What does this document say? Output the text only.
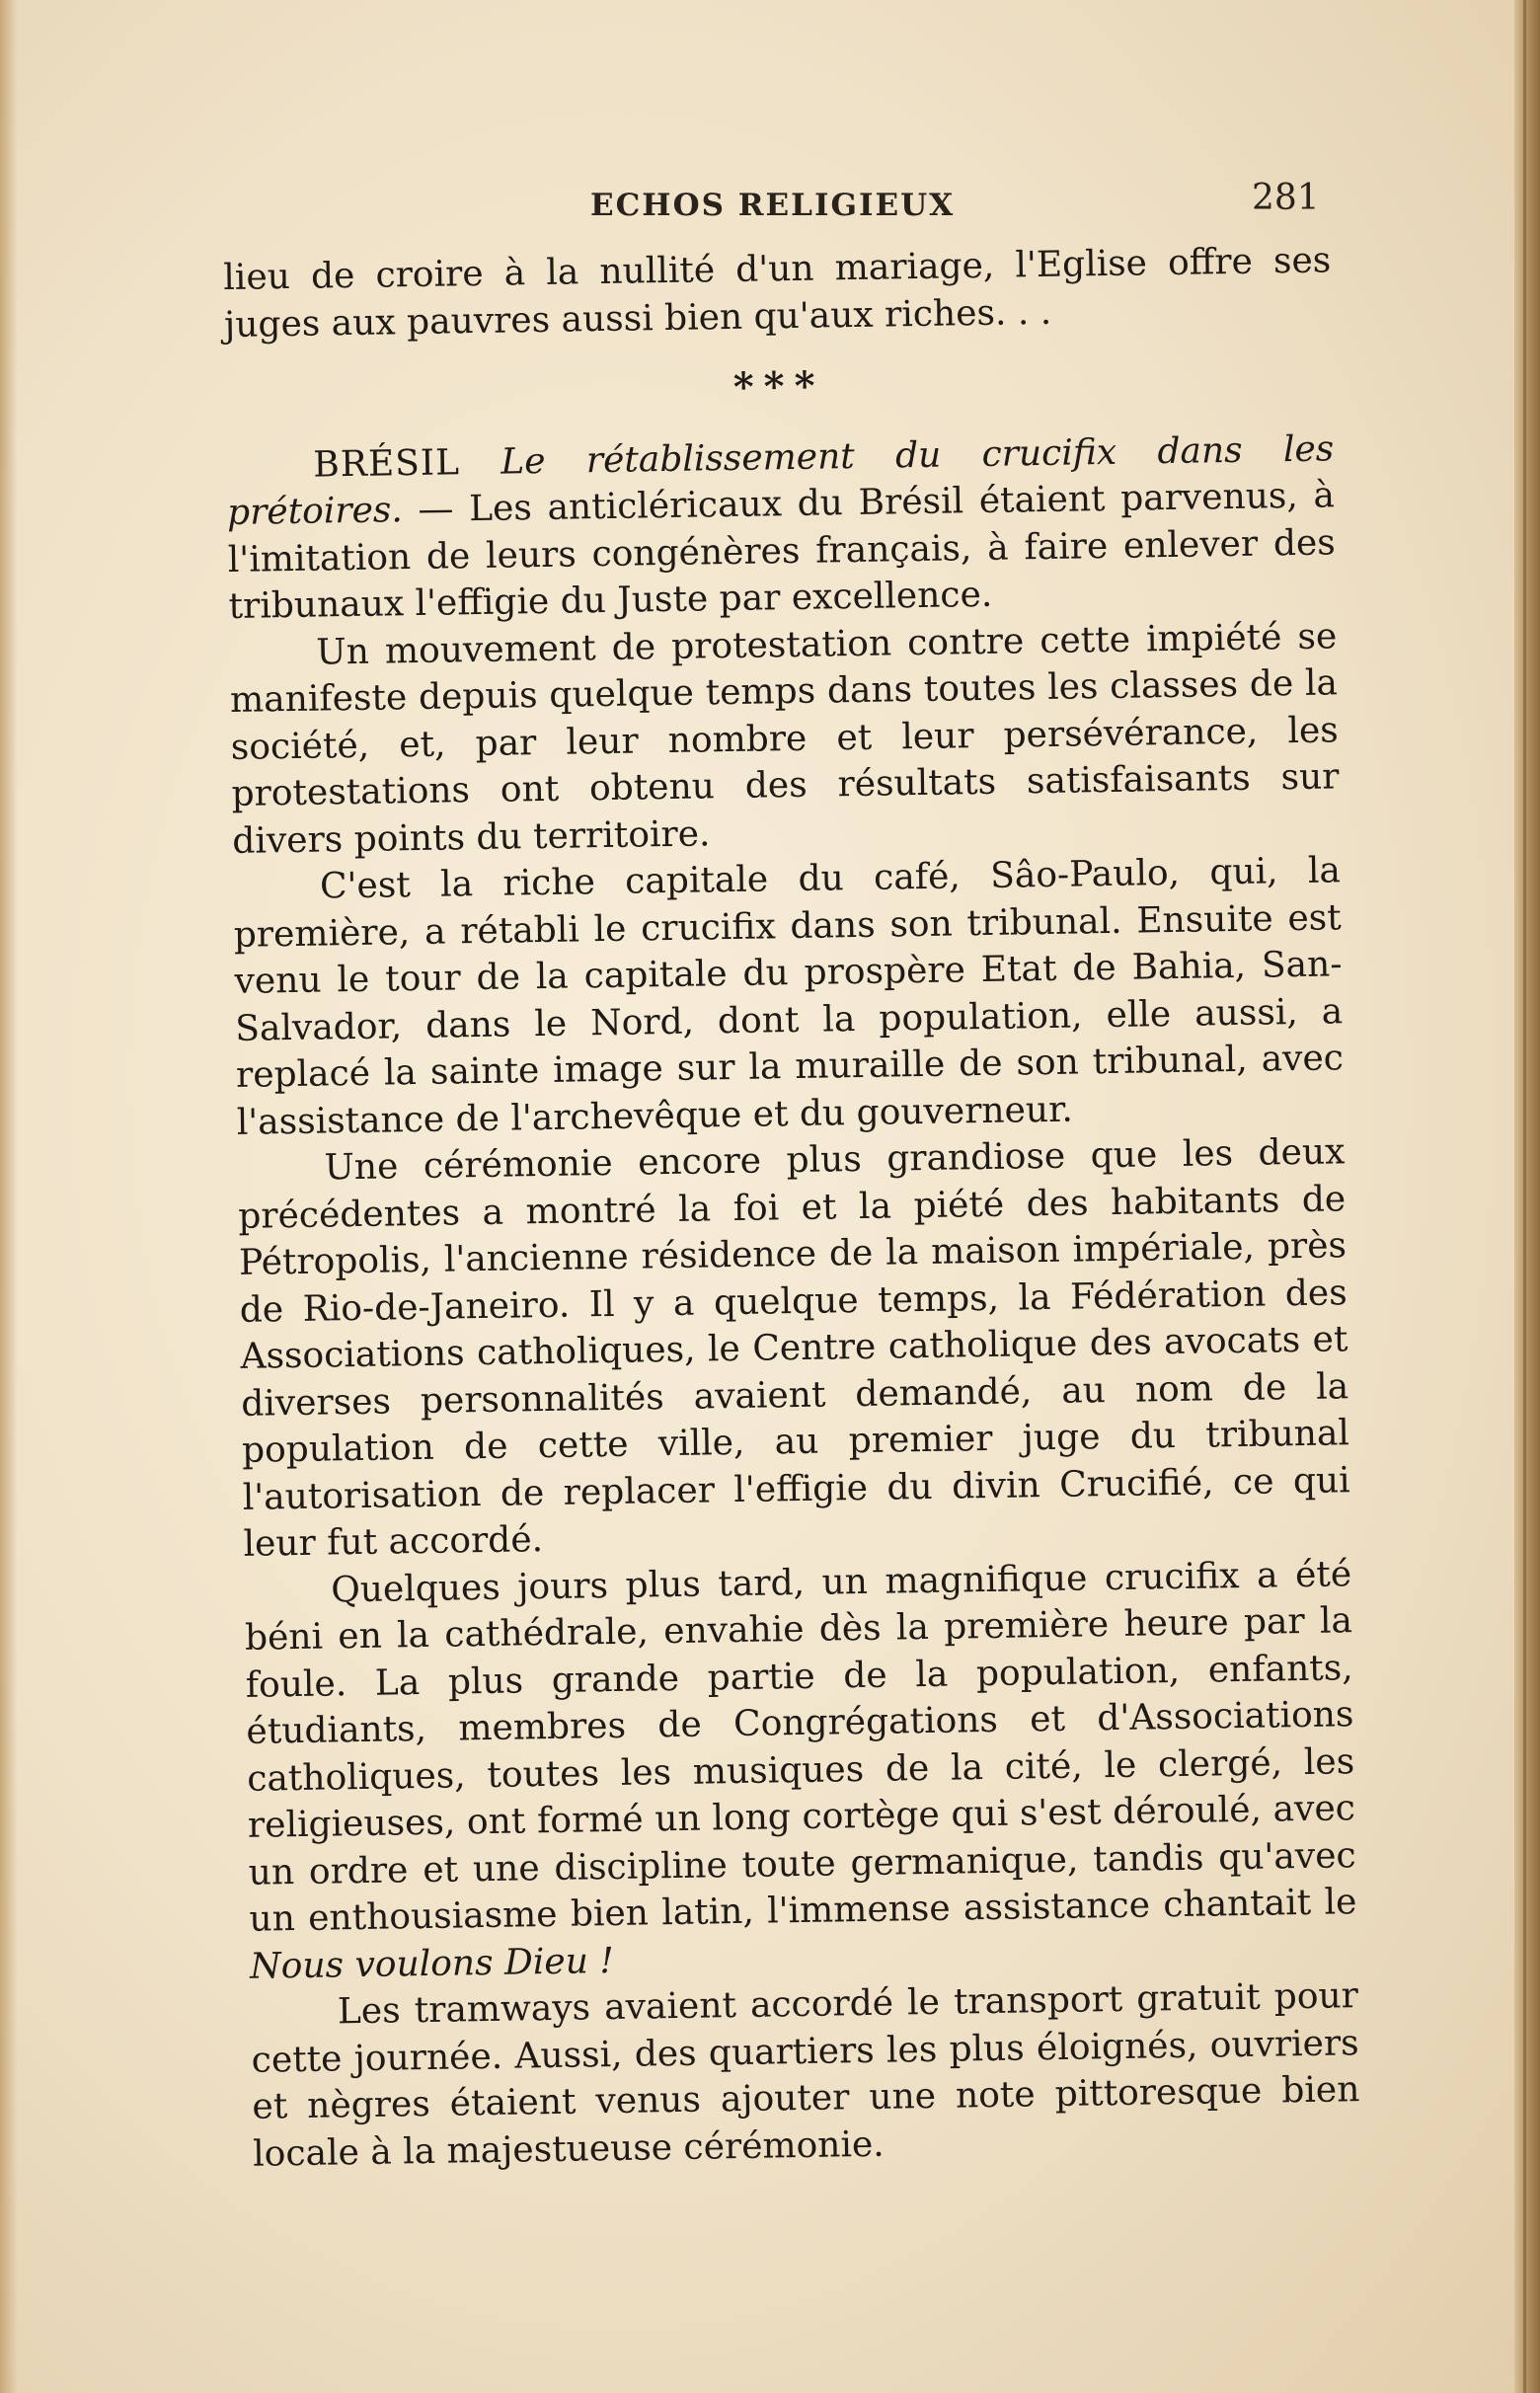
ECHOS RELIGIEUX	281

lieu de croire à la nullité d'un mariage, l'Eglise offre ses juges aux pauvres aussi bien qu'aux riches. . .

***

BRÉSIL Le rétablissement du crucifix dans les prétoires. — Les anticléricaux du Brésil étaient parvenus, à l'imitation de leurs congénères français, à faire enlever des tribunaux l'effigie du Juste par excellence.

Un mouvement de protestation contre cette impiété se manifeste depuis quelque temps dans toutes les classes de la société, et, par leur nombre et leur persévérance, les protestations ont obtenu des résultats satisfaisants sur divers points du territoire.

C'est la riche capitale du café, Sâo-Paulo, qui, la première, a rétabli le crucifix dans son tribunal. Ensuite est venu le tour de la capitale du prospère Etat de Bahia, San-Salvador, dans le Nord, dont la population, elle aussi, a replacé la sainte image sur la muraille de son tribunal, avec l'assistance de l'archevêque et du gouverneur.

Une cérémonie encore plus grandiose que les deux précédentes a montré la foi et la piété des habitants de Pétropolis, l'ancienne résidence de la maison impériale, près de Rio-de-Janeiro. Il y a quelque temps, la Fédération des Associations catholiques, le Centre catholique des avocats et diverses personnalités avaient demandé, au nom de la population de cette ville, au premier juge du tribunal l'autorisation de replacer l'effigie du divin Crucifié, ce qui leur fut accordé.

Quelques jours plus tard, un magnifique crucifix a été béni en la cathédrale, envahie dès la première heure par la foule. La plus grande partie de la population, enfants, étudiants, membres de Congrégations et d'Associations catholiques, toutes les musiques de la cité, le clergé, les religieuses, ont formé un long cortège qui s'est déroulé, avec un ordre et une discipline toute germanique, tandis qu'avec un enthousiasme bien latin, l'immense assistance chantait le Nous voulons Dieu !

Les tramways avaient accordé le transport gratuit pour cette journée. Aussi, des quartiers les plus éloignés, ouvriers et nègres étaient venus ajouter une note pittoresque bien locale à la majestueuse cérémonie.
